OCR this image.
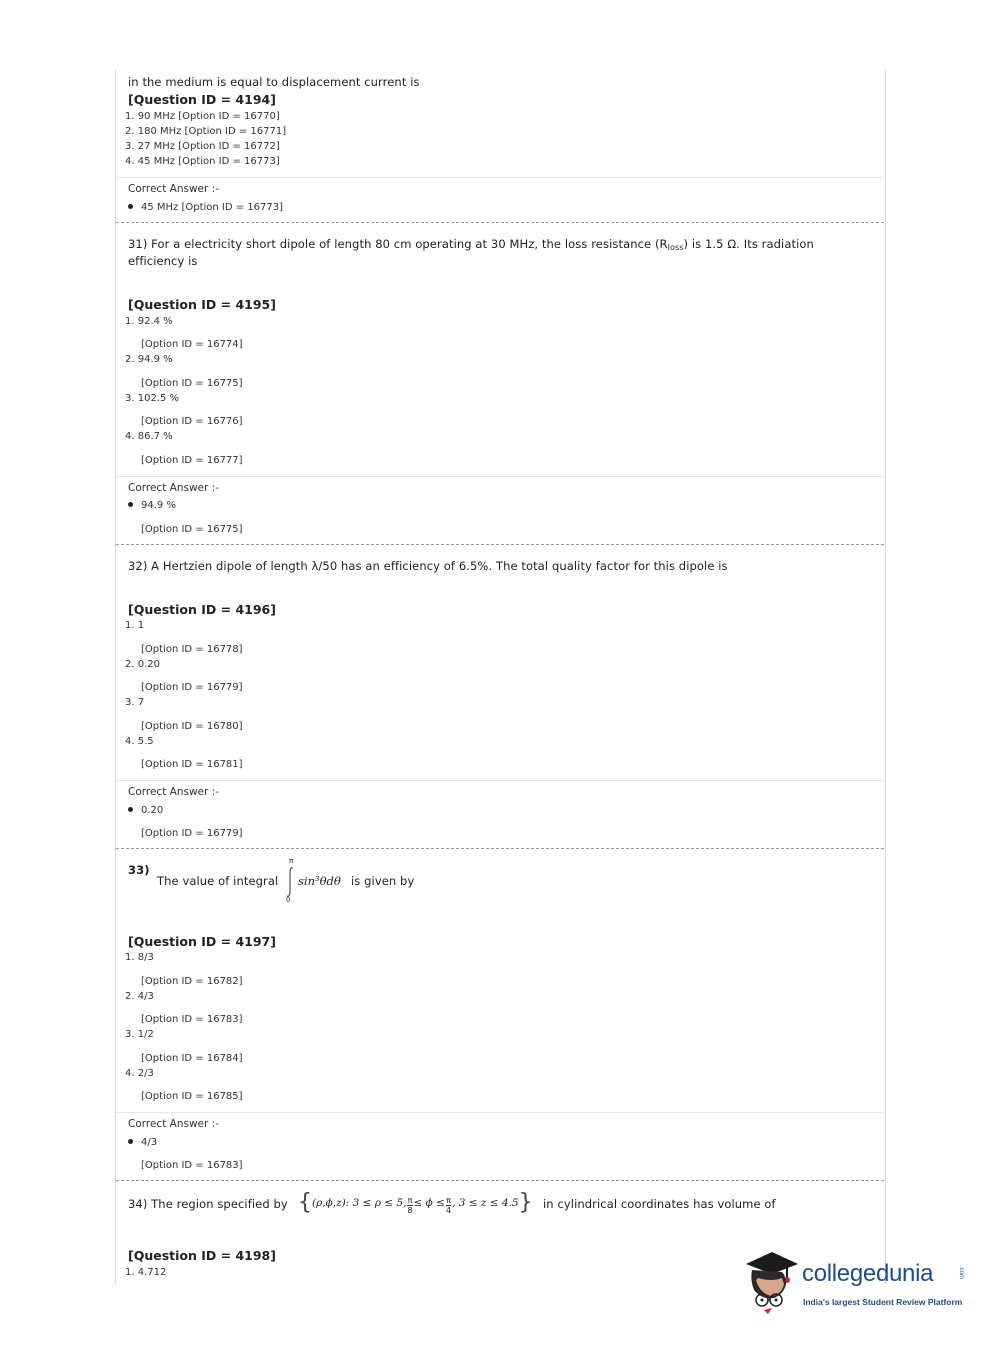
in the medium is equal to displacement current is
[Question ID = 4194]
1. 90 MHz [Option ID = 16770]
2. 180 MHz [Option ID = 16771]
3. 27 MHz [Option ID = 16772]
4. 45 MHz [Option ID = 16773]
Correct Answer :-
45 MHz [Option ID = 16773]
31) For a electricity short dipole of length 80 cm operating at 30 MHz, the loss resistance $(R_{loss})$ is 1.5 Ω. Its radiation
efficiency is
[Question ID = 4195]
1. 92.4 %
[Option ID = 16774]
2. 94.9 %
[Option ID = 16775]
3. 102.5 %
[Option ID = 16776]
4. 86.7 %
[Option ID = 16777]
Correct Answer :-
94.9 %
[Option ID = 16775]
32) A Hertzien dipole of length λ/50 has an efficiency of 6.5%. The total quality factor for this dipole is
[Question ID = 4196]
1. 1
[Option ID = 16778]
2. 0.20
[Option ID = 16779]
3. 7
[Option ID = 16780]
4. 5.5
[Option ID = 16781]
Correct Answer :-
0.20
[Option ID = 16779]
33)
The value of integral
π
0
sin³θdθ is given by
[Question ID = 4197]
1. 8/3
[Option ID = 16782]
2. 4/3
[Option ID = 16783]
3. 1/2
[Option ID = 16784]
4. 2/3
[Option ID = 16785]
Correct Answer :-
4/3
[Option ID = 16783]
34) The region specified by {(ρ,ϕ,z): 3 ≤ ρ ≤ 5, $\frac{\pi}{8} \le \phi \le \frac{\pi}{4}$ , 3 ≤ z ≤ 4.5} in cylindrical coordinates has volume of
[Question ID = 4198]
1. 4.712	collegedunia	.com
India's largest Student Review Platform
